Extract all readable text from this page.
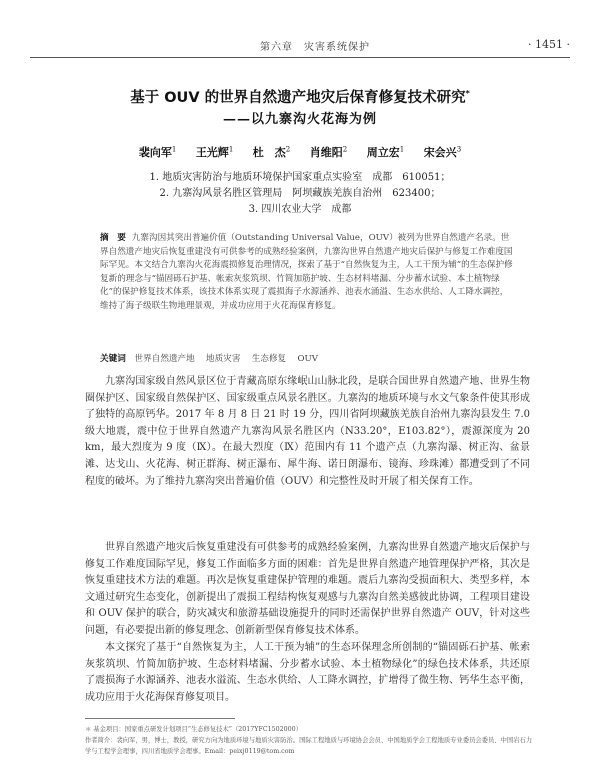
第六章　灾害系统保护	· 1451 ·
基于 OUV 的世界自然遗产地灾后保育修复技术研究*
——以九寨沟火花海为例
裴向军$^1$ 王光辉$^1$ 杜　杰$^2$ 肖维阳$^2$ 周立宏$^1$ 宋会兴$^3$
1. 地质灾害防治与地质环境保护国家重点实验室　成都　610051；
2. 九寨沟风景名胜区管理局　阿坝藏族羌族自治州　623400；
3. 四川农业大学　成都
摘　要 九寨沟因其突出普遍价值（Outstanding Universal Value，OUV）被列为世界自然遗产名录。世界自然遗产地灾后恢复重建没有可供参考的成熟经验案例，九寨沟世界自然遗产地灾后保护与修复工作难度国际罕见。本文结合九寨沟火花海震损修复治理情况，探索了基于“自然恢复为主，人工干预为辅”的生态保护修复新的理念与“锚固砾石护基、帐索灰浆筑坝、竹简加筋护坡、生态材料堵漏、分步蓄水试验、本土植物绿化”的保护修复技术体系，该技术体系实现了震损海子水源涵养、池表水涌溢、生态水供给、人工降水调控，维持了海子级联生物地理景观，并成功应用于火花海保育修复。
关键词 世界自然遗产地　 地质灾害　 生态修复　 OUV

九寨沟国家级自然风景区位于青藏高原东缘岷山山脉北段，是联合国世界自然遗产地、世界生物圈保护区、国家级自然保护区、国家级重点风景名胜区。九寨沟的地质环境与水文气象条件使其形成了独特的高原钙华。2017 年 8 月 8 日 21 时 19 分，四川省阿坝藏族羌族自治州九寨沟县发生 7.0 级大地震，震中位于世界自然遗产九寨沟风景名胜区内（N33.20°，E103.82°），震源深度为 20 km，最大烈度为 9 度（Ⅸ）。在最大烈度（Ⅸ）范围内有 11 个遗产点（九寨沟瀑、树正沟、盆景滩、达戈山、火花海、树正群海、树正瀑布、犀牛海、诺日朗瀑布、镜海、珍珠滩）都遭受到了不同程度的破坏。为了维持九寨沟突出普遍价值（OUV）和完整性及时开展了相关保育工作。

世界自然遗产地灾后恢复重建没有可供参考的成熟经验案例，九寨沟世界自然遗产地灾后保护与修复工作难度国际罕见，修复工作面临多方面的困难：首先是世界自然遗产地管理保护严格，其次是恢复重建技术方法的难题。再次是恢复重建保护管理的难题。震后九寨沟受损面积大、类型多样，本文通过研究生态变化，创新提出了震损工程结构恢复观感与九寨沟自然美感彼此协调，工程项目建设和 OUV 保护的联合，防灾减灾和旅游基础设施提升的同时还需保护世界自然遗产 OUV，针对这些问题，有必要提出新的修复理念、创新新型保育修复技术体系。

本文探究了基于“自然恢复为主，人工干预为辅”的生态环保理念所创制的“锚固砾石护基、帐索灰浆筑坝、竹简加筋护坡、生态材料堵漏、分步蓄水试验、本土植物绿化”的绿色技术体系，共还原了震损海子水源涵养、池表水溢流、生态水供给、人工降水调控，扩增得了微生物、钙华生态平衡，成功应用于火花海保育修复项目。

＊ 基金项目：国家重点研发计划项目“生态修复技术”（2017YFC1502000）

作者简介：裴向军，男，博士，教授，研究方向为地质环境与地质灾害防治。国际工程地质与环境协会会员、中国地质学会工程地质专业委员会委员、中国岩石力学与工程学会理事，四川省地质学会理事。Email：peixj0119@tom.com
